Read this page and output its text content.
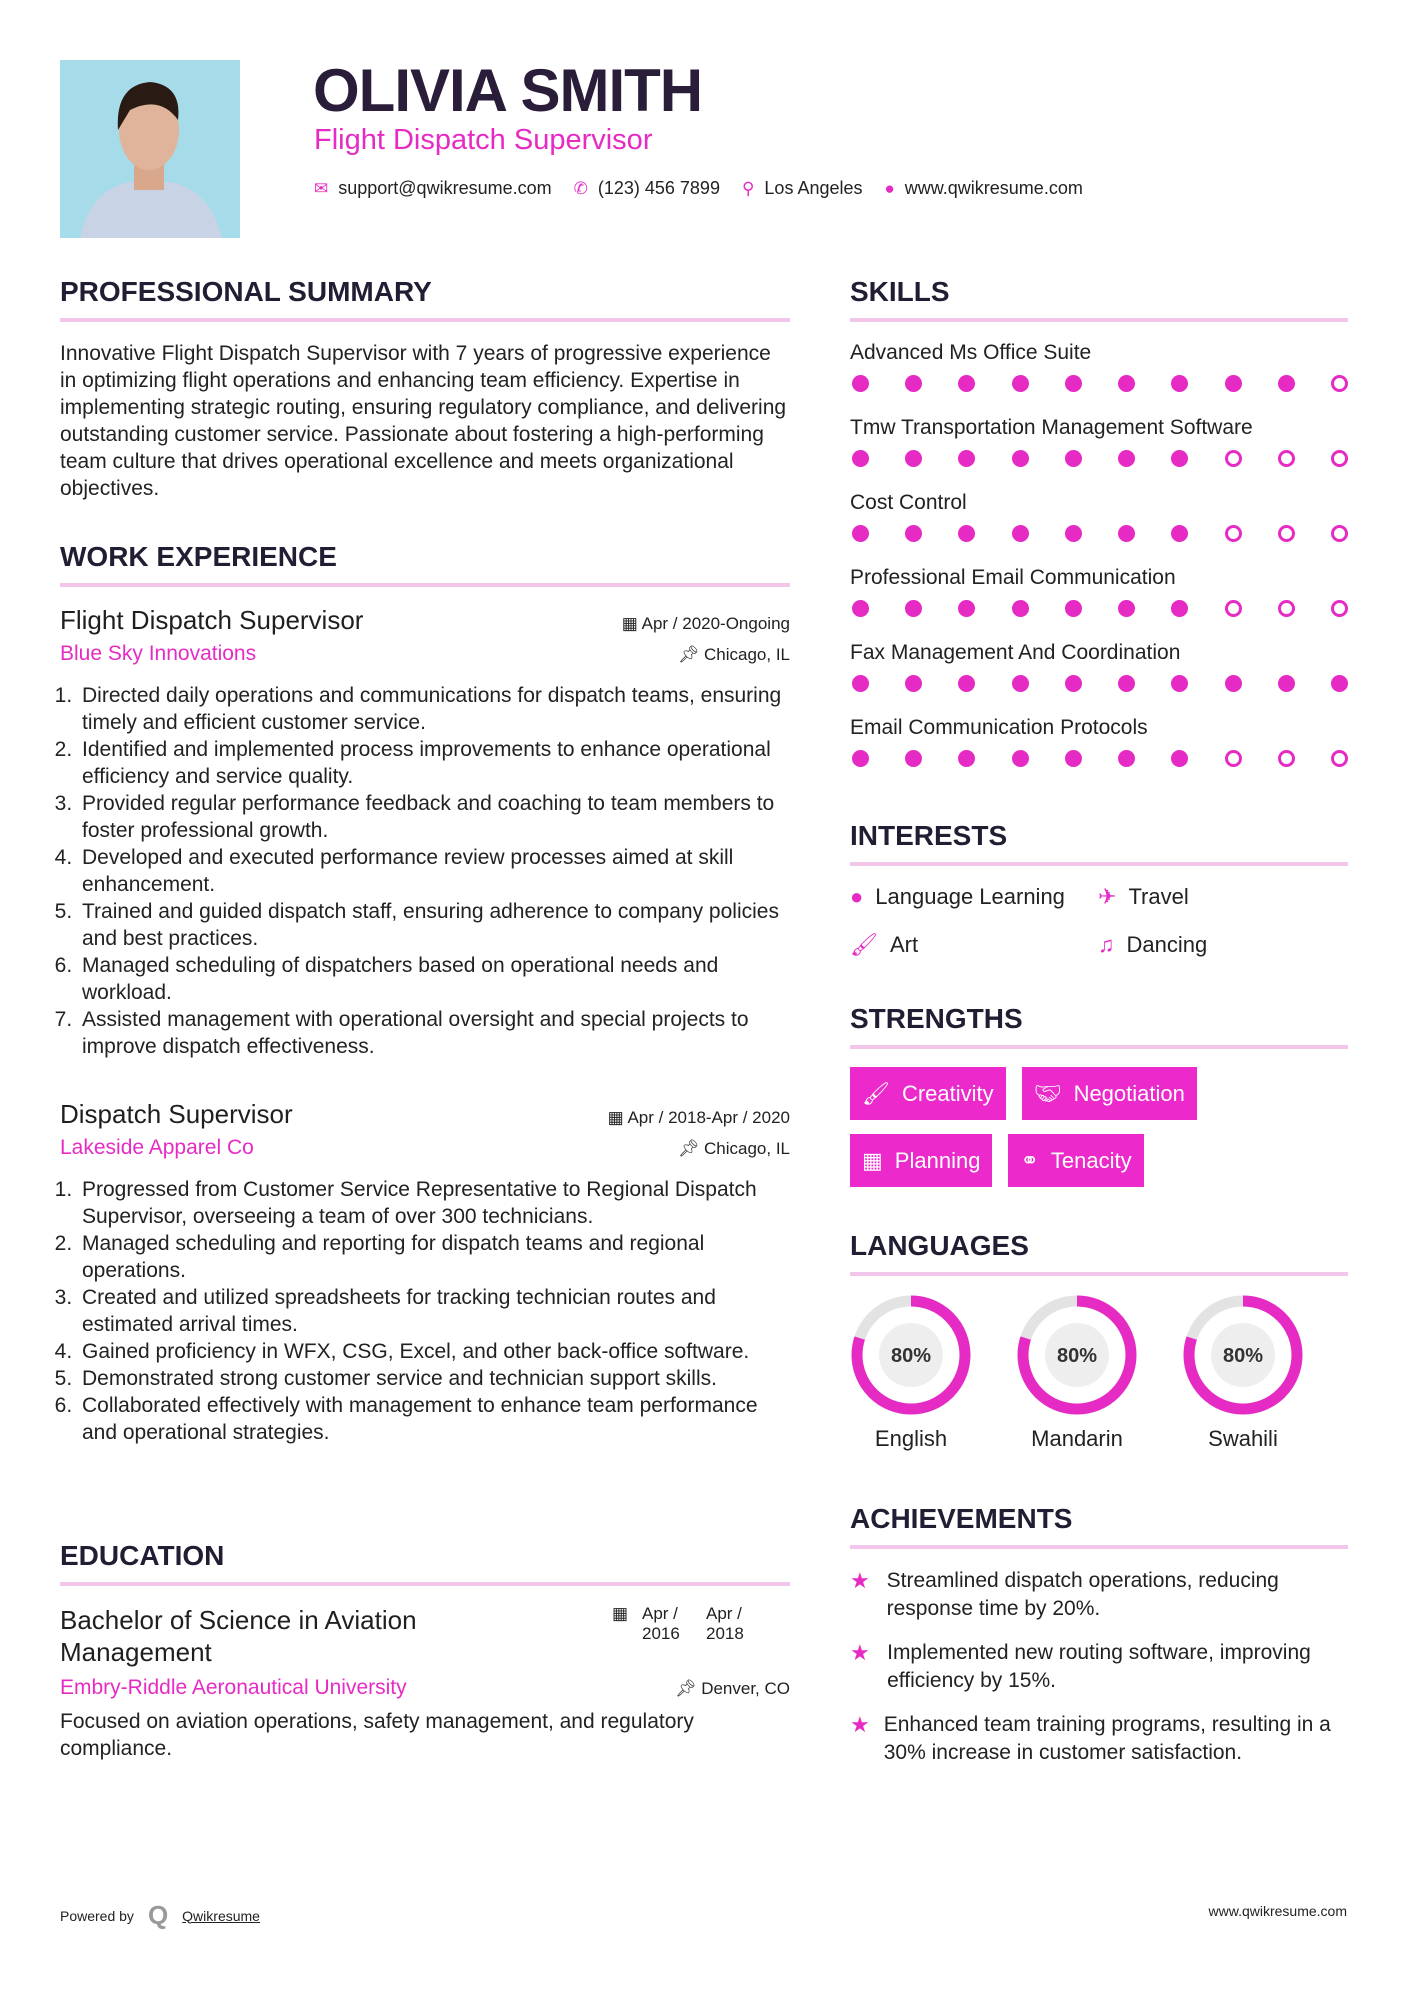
OLIVIA SMITH
Flight Dispatch Supervisor
✉ support@qwikresume.com ✆ (123) 456 7899 ⚲ Los Angeles ● www.qwikresume.com
PROFESSIONAL SUMMARY

Innovative Flight Dispatch Supervisor with 7 years of progressive experience in optimizing flight operations and enhancing team efficiency. Expertise in implementing strategic routing, ensuring regulatory compliance, and delivering outstanding customer service. Passionate about fostering a high-performing team culture that drives operational excellence and meets organizational objectives.

WORK EXPERIENCE
Flight Dispatch Supervisor	▦ Apr / 2020-Ongoing
Blue Sky Innovations	📌︎ Chicago, IL
1. Directed daily operations and communications for dispatch teams, ensuring timely and efficient customer service.
2. Identified and implemented process improvements to enhance operational efficiency and service quality.
3. Provided regular performance feedback and coaching to team members to foster professional growth.
4. Developed and executed performance review processes aimed at skill enhancement.
5. Trained and guided dispatch staff, ensuring adherence to company policies and best practices.
6. Managed scheduling of dispatchers based on operational needs and workload.
7. Assisted management with operational oversight and special projects to improve dispatch effectiveness.
Dispatch Supervisor	▦ Apr / 2018-Apr / 2020
Lakeside Apparel Co	📌︎ Chicago, IL
1. Progressed from Customer Service Representative to Regional Dispatch Supervisor, overseeing a team of over 300 technicians.
2. Managed scheduling and reporting for dispatch teams and regional operations.
3. Created and utilized spreadsheets for tracking technician routes and estimated arrival times.
4. Gained proficiency in WFX, CSG, Excel, and other back-office software.
5. Demonstrated strong customer service and technician support skills.
6. Collaborated effectively with management to enhance team performance and operational strategies.
EDUCATION
Bachelor of Science in Aviation Management
▦ Apr / 2016
Apr / 2018
Embry-Riddle Aeronautical University	📌︎ Denver, CO

Focused on aviation operations, safety management, and regulatory compliance.

SKILLS
Advanced Ms Office Suite
Tmw Transportation Management Software
Cost Control
Professional Email Communication
Fax Management And Coordination
Email Communication Protocols
INTERESTS
● Language Learning	✈ Travel
🖌︎ Art	♫ Dancing
STRENGTHS
🖌︎ Creativity 🤝︎ Negotiation
▦ Planning ⚭ Tenacity
LANGUAGES
80%
English
80%
Mandarin
80%
Swahili
ACHIEVEMENTS
★ Streamlined dispatch operations, reducing response time by 20%.
★ Implemented new routing software, improving efficiency by 15%.
★ Enhanced team training programs, resulting in a 30% increase in customer satisfaction.
Powered by Q Qwikresume	www.qwikresume.com
